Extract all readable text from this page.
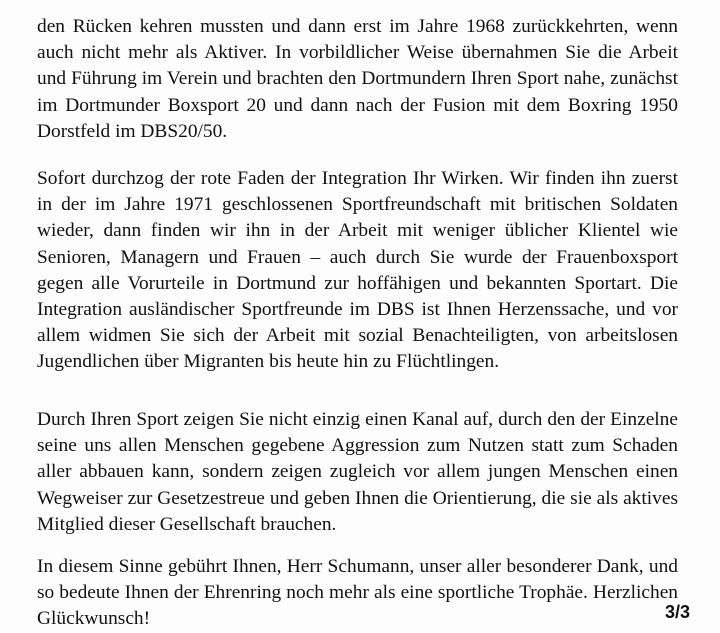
den Rücken kehren mussten und dann erst im Jahre 1968 zurückkehrten, wenn auch nicht mehr als Aktiver. In vorbildlicher Weise übernahmen Sie die Arbeit und Führung im Verein und brachten den Dortmundern Ihren Sport nahe, zunächst im Dortmunder Boxsport 20 und dann nach der Fusion mit dem Boxring 1950 Dorstfeld im DBS20/50.

Sofort durchzog der rote Faden der Integration Ihr Wirken. Wir finden ihn zuerst in der im Jahre 1971 geschlossenen Sportfreundschaft mit britischen Soldaten wieder, dann finden wir ihn in der Arbeit mit weniger üblicher Klientel wie Senioren, Managern und Frauen – auch durch Sie wurde der Frauenboxsport gegen alle Vorurteile in Dortmund zur hoffähigen und bekannten Sportart. Die Integration ausländischer Sportfreunde im DBS ist Ihnen Herzenssache, und vor allem widmen Sie sich der Arbeit mit sozial Benachteiligten, von arbeitslosen Jugendlichen über Migranten bis heute hin zu Flüchtlingen.

Durch Ihren Sport zeigen Sie nicht einzig einen Kanal auf, durch den der Einzelne seine uns allen Menschen gegebene Aggression zum Nutzen statt zum Schaden aller abbauen kann, sondern zeigen zugleich vor allem jungen Menschen einen Wegweiser zur Gesetzestreue und geben Ihnen die Orientierung, die sie als aktives Mitglied dieser Gesellschaft brauchen.

In diesem Sinne gebührt Ihnen, Herr Schumann, unser aller besonderer Dank, und so bedeute Ihnen der Ehrenring noch mehr als eine sportliche Trophäe. Herzlichen Glückwunsch!	3/3
